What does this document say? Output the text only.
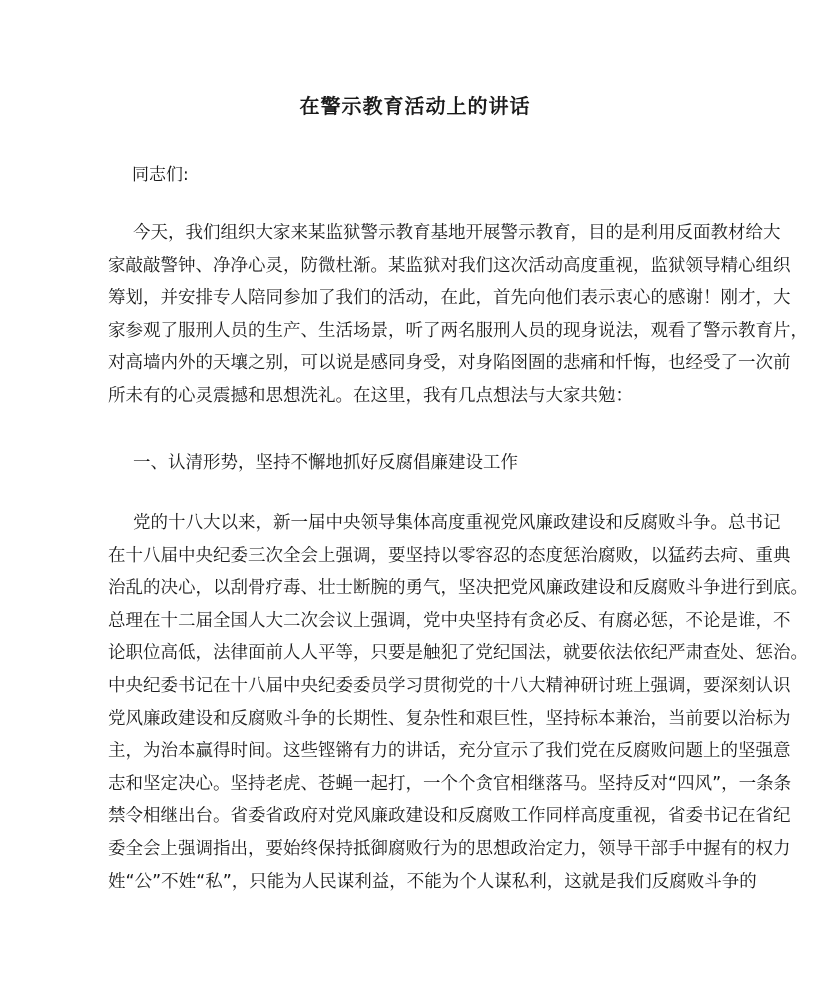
在警示教育活动上的讲话
同志们:
今天，我们组织大家来某监狱警示教育基地开展警示教育，目的是利用反面教材给大
家敲敲警钟、净净心灵，防微杜渐。某监狱对我们这次活动高度重视，监狱领导精心组织
筹划，并安排专人陪同参加了我们的活动，在此，首先向他们表示衷心的感谢！刚才，大
家参观了服刑人员的生产、生活场景，听了两名服刑人员的现身说法，观看了警示教育片，
对高墙内外的天壤之别，可以说是感同身受，对身陷囹圄的悲痛和忏悔，也经受了一次前
所未有的心灵震撼和思想洗礼。在这里，我有几点想法与大家共勉：
一、认清形势，坚持不懈地抓好反腐倡廉建设工作
党的十八大以来，新一届中央领导集体高度重视党风廉政建设和反腐败斗争。总书记
在十八届中央纪委三次全会上强调，要坚持以零容忍的态度惩治腐败，以猛药去疴、重典
治乱的决心，以刮骨疗毒、壮士断腕的勇气，坚决把党风廉政建设和反腐败斗争进行到底。
总理在十二届全国人大二次会议上强调，党中央坚持有贪必反、有腐必惩，不论是谁，不
论职位高低，法律面前人人平等，只要是触犯了党纪国法，就要依法依纪严肃查处、惩治。
中央纪委书记在十八届中央纪委委员学习贯彻党的十八大精神研讨班上强调，要深刻认识
党风廉政建设和反腐败斗争的长期性、复杂性和艰巨性，坚持标本兼治，当前要以治标为
主，为治本赢得时间。这些铿锵有力的讲话，充分宣示了我们党在反腐败问题上的坚强意
志和坚定决心。坚持老虎、苍蝇一起打，一个个贪官相继落马。坚持反对“四风”，一条条
禁令相继出台。省委省政府对党风廉政建设和反腐败工作同样高度重视，省委书记在省纪
委全会上强调指出，要始终保持抵御腐败行为的思想政治定力，领导干部手中握有的权力
姓“公”不姓“私”，只能为人民谋利益，不能为个人谋私利，这就是我们反腐败斗争的
